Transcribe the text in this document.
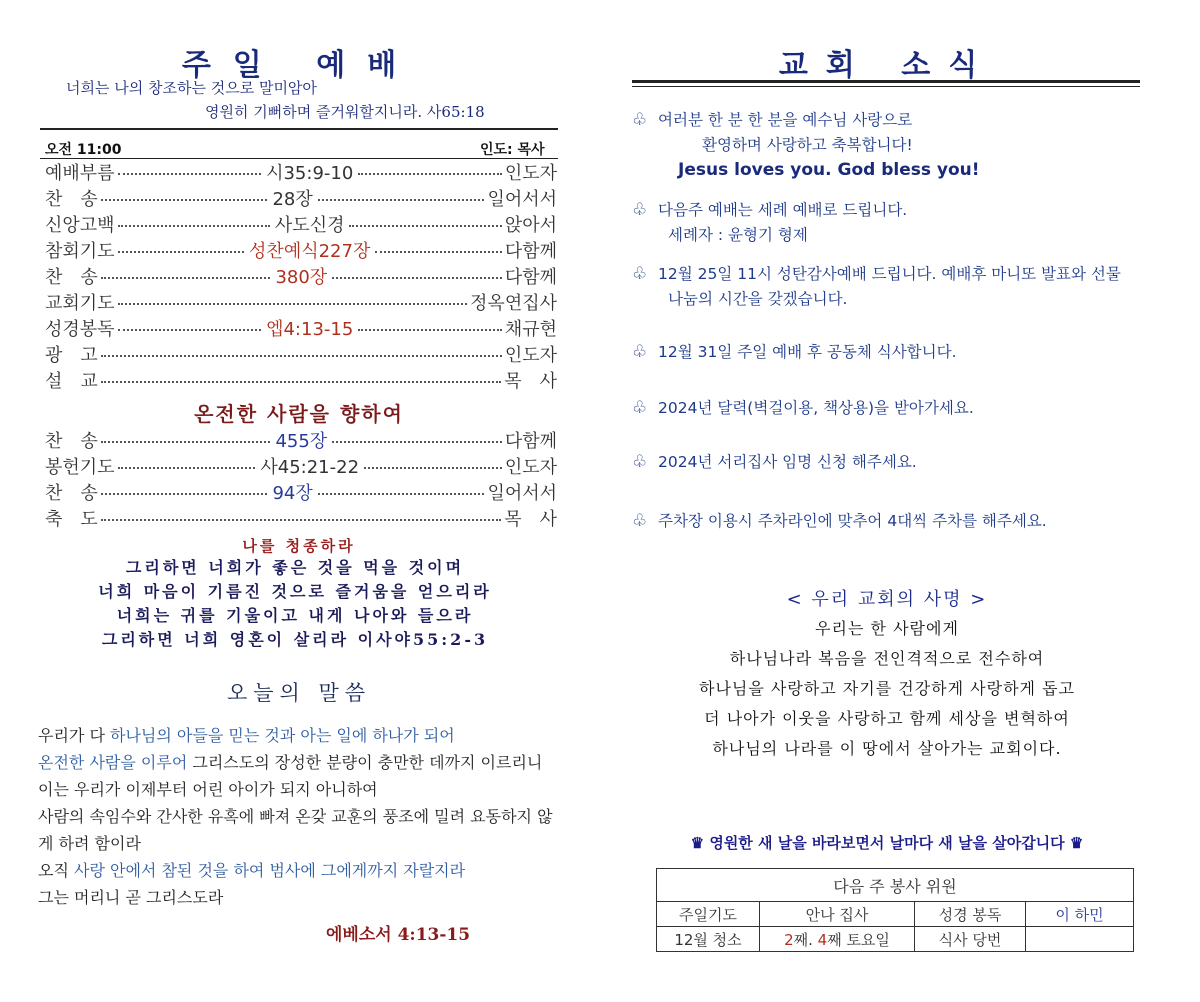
주일 예배
너희는 나의 창조하는 것으로 말미암아
영원히 기뻐하며 즐거워할지니라. 사65:18
오전 11:00	인도: 목사
예배부름	시35:9-10	인도자
찬　송	28장	일어서서
신앙고백	사도신경	앉아서
참회기도	성찬예식227장	다함께
찬　송	380장	다함께
교회기도	정옥연집사
성경봉독	엡4:13-15	채규현
광　고	인도자
설　교	목　사
온전한 사람을 향하여
찬　송	455장	다함께
봉헌기도	사45:21-22	인도자
찬　송	94장	일어서서
축　도	목　사
나를 청종하라
그리하면 너희가 좋은 것을 먹을 것이며
너희 마음이 기름진 것으로 즐거움을 얻으리라
너희는 귀를 기울이고 내게 나아와 들으라
그리하면 너희 영혼이 살리라 이사야55:2-3
오늘의 말씀
우리가 다 하나님의 아들을 믿는 것과 아는 일에 하나가 되어
온전한 사람을 이루어 그리스도의 장성한 분량이 충만한 데까지 이르리니
이는 우리가 이제부터 어린 아이가 되지 아니하여
사람의 속임수와 간사한 유혹에 빠져 온갖 교훈의 풍조에 밀려 요동하지 않
게 하려 함이라
오직 사랑 안에서 참된 것을 하여 범사에 그에게까지 자랄지라
그는 머리니 곧 그리스도라
에베소서 4:13-15
교회 소식
♧ 여러분 한 분 한 분을 예수님 사랑으로
환영하며 사랑하고 축복합니다!
Jesus loves you. God bless you!
♧ 다음주 예배는 세례 예배로 드립니다.
세례자 : 윤형기 형제
♧ 12월 25일 11시 성탄감사예배 드립니다. 예배후 마니또 발표와 선물
나눔의 시간을 갖겠습니다.
♧ 12월 31일 주일 예배 후 공동체 식사합니다.
♧ 2024년 달력(벽걸이용, 책상용)을 받아가세요.
♧ 2024년 서리집사 임명 신청 해주세요.
♧ 주차장 이용시 주차라인에 맞추어 4대씩 주차를 해주세요.
< 우리 교회의 사명 >
우리는 한 사람에게
하나님나라 복음을 전인격적으로 전수하여
하나님을 사랑하고 자기를 건강하게 사랑하게 돕고
더 나아가 이웃을 사랑하고 함께 세상을 변혁하여
하나님의 나라를 이 땅에서 살아가는 교회이다.
♛ 영원한 새 날을 바라보면서 날마다 새 날을 살아갑니다 ♛
다음 주 봉사 위원			
주일기도	안나 집사	성경 봉독	이 하민
12월 청소	2째. 4째 토요일	식사 당번	
